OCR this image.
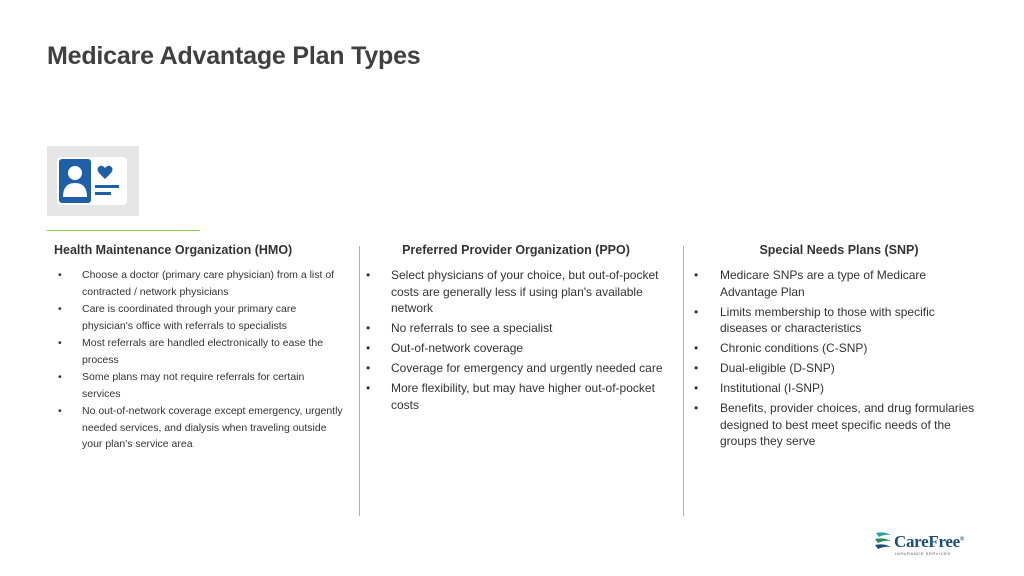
Medicare Advantage Plan Types
Health Maintenance Organization (HMO)
• Choose a doctor (primary care physician) from a list of contracted / network physicians
• Care is coordinated through your primary care physician's office with referrals to specialists
• Most referrals are handled electronically to ease the process
• Some plans may not require referrals for certain services
• No out-of-network coverage except emergency, urgently needed services, and dialysis when traveling outside your plan's service area
Preferred Provider Organization (PPO)
• Select physicians of your choice, but out-of-pocket costs are generally less if using plan's available network
• No referrals to see a specialist
• Out-of-network coverage
• Coverage for emergency and urgently needed care
• More flexibility, but may have higher out-of-pocket costs
Special Needs Plans (SNP)
• Medicare SNPs are a type of Medicare Advantage Plan
• Limits membership to those with specific diseases or characteristics
• Chronic conditions (C-SNP)
• Dual-eligible (D-SNP)
• Institutional (I-SNP)
• Benefits, provider choices, and drug formularies designed to best meet specific needs of the groups they serve
CareFree®
INSURANCE SERVICES
